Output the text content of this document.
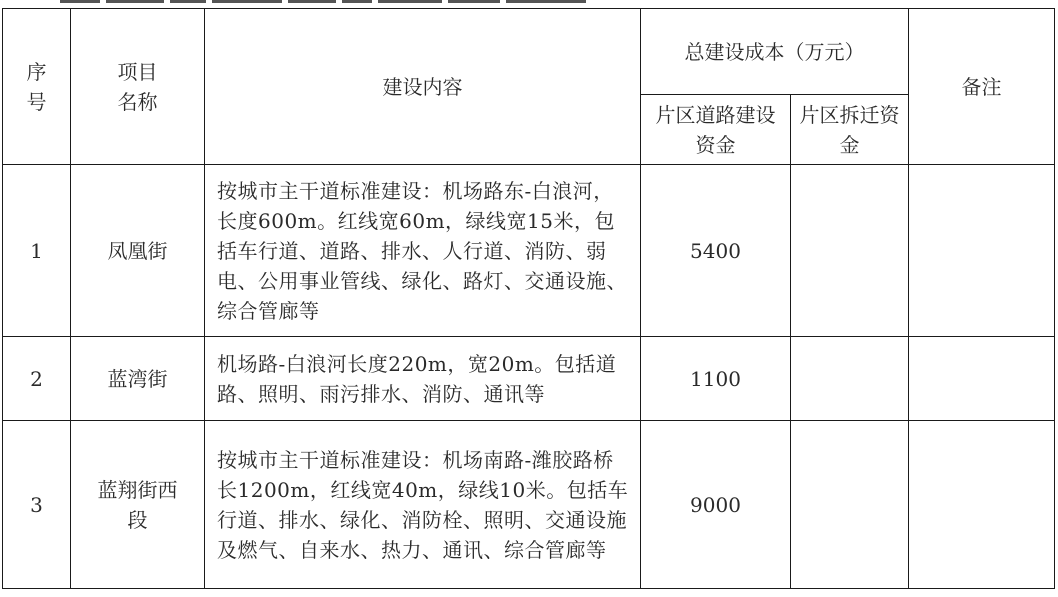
序号	项目名称	建设内容	总建设成本（万元）		备注

			片区道路建设资金	片区拆迁资金	

1	凤凰街	按城市主干道标准建设：机场路东-白浪河，长度600m。红线宽60m，绿线宽15米，包括车行道、道路、排水、人行道、消防、弱电、公用事业管线、绿化、路灯、交通设施、综合管廊等	5400		
2	蓝湾街	机场路-白浪河长度220m，宽20m。包括道路、照明、雨污排水、消防、通讯等	1100		
3	蓝翔街西段	按城市主干道标准建设：机场南路-潍胶路桥长1200m，红线宽40m，绿线10米。包括车行道、排水、绿化、消防栓、照明、交通设施及燃气、自来水、热力、通讯、综合管廊等	9000		
